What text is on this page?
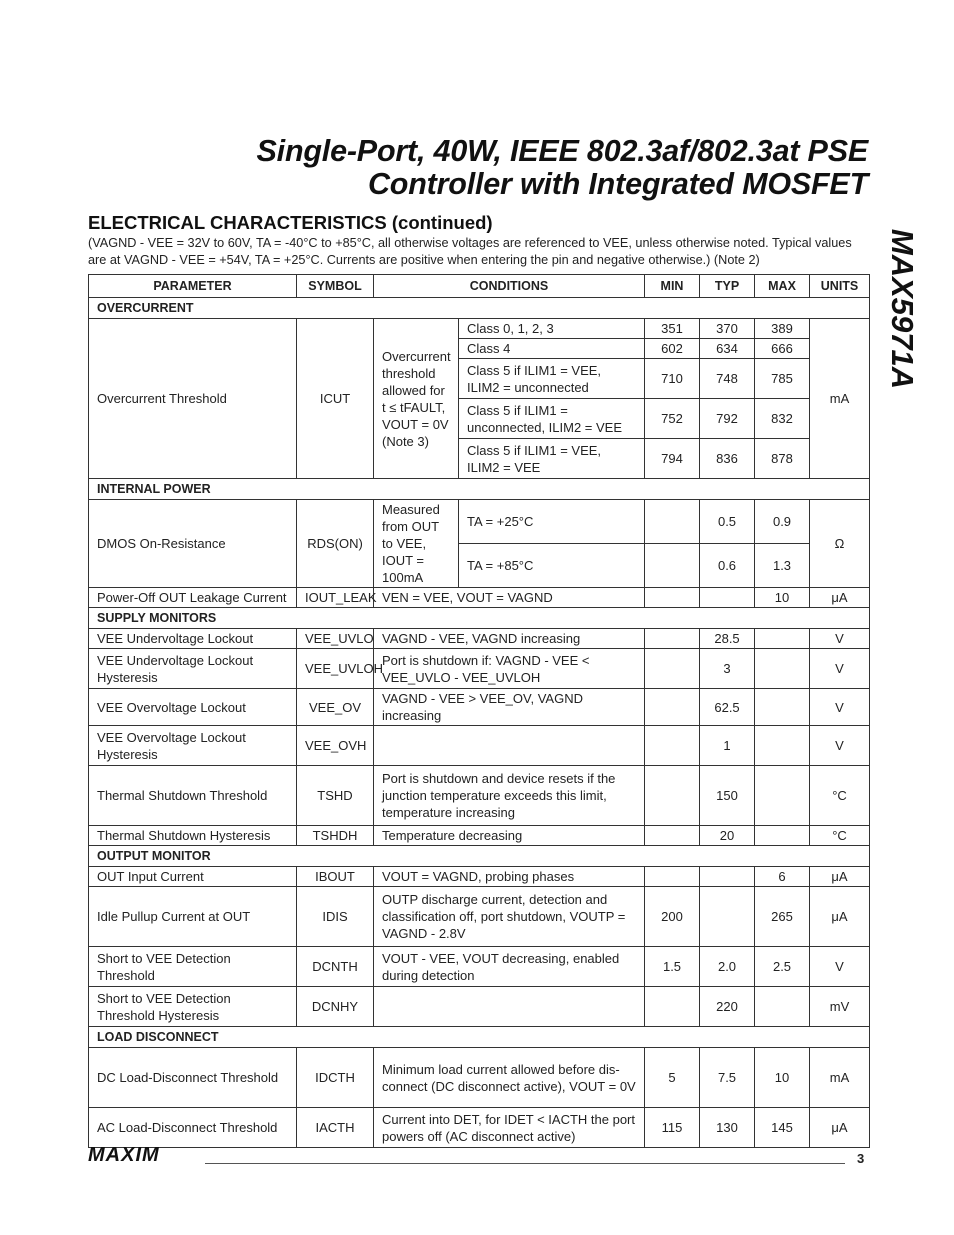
Single-Port, 40W, IEEE 802.3af/802.3at PSE
Controller with Integrated MOSFET
MAX5971A
ELECTRICAL CHARACTERISTICS (continued)
(VAGND - VEE = 32V to 60V, TA = -40°C to +85°C, all otherwise voltages are referenced to VEE, unless otherwise noted. Typical values are at VAGND - VEE = +54V, TA = +25°C. Currents are positive when entering the pin and negative otherwise.) (Note 2)
PARAMETER	SYMBOL	CONDITIONS		MIN	TYP	MAX	UNITS
OVERCURRENT							
Overcurrent Threshold	ICUT	Overcurrent threshold allowed for t ≤ tFAULT, VOUT = 0V (Note 3)	Class 0, 1, 2, 3	351	370	389	mA
			Class 4	602	634	666	
			Class 5 if ILIM1 = VEE, ILIM2 = unconnected	710	748	785	
			Class 5 if ILIM1 = unconnected, ILIM2 = VEE	752	792	832	
			Class 5 if ILIM1 = VEE, ILIM2 = VEE	794	836	878	
INTERNAL POWER							
DMOS On-Resistance	RDS(ON)	Measured from OUT to VEE, IOUT = 100mA	TA = +25°C		0.5	0.9	Ω
			TA = +85°C		0.6	1.3	
Power-Off OUT Leakage Current	IOUT_LEAK	VEN = VEE, VOUT = VAGND				10	μA
SUPPLY MONITORS							
VEE Undervoltage Lockout	VEE_UVLO	VAGND - VEE, VAGND increasing			28.5		V
VEE Undervoltage Lockout Hysteresis	VEE_UVLOH	Port is shutdown if: VAGND - VEE < VEE_UVLO - VEE_UVLOH			3		V
VEE Overvoltage Lockout	VEE_OV	VAGND - VEE > VEE_OV, VAGND increasing			62.5		V
VEE Overvoltage Lockout Hysteresis	VEE_OVH				1		V
Thermal Shutdown Threshold	TSHD	Port is shutdown and device resets if the junction temperature exceeds this limit, temperature increasing			150		°C
Thermal Shutdown Hysteresis	TSHDH	Temperature decreasing			20		°C
OUTPUT MONITOR							
OUT Input Current	IBOUT	VOUT = VAGND, probing phases				6	μA
Idle Pullup Current at OUT	IDIS	OUTP discharge current, detection and classification off, port shutdown, VOUTP = VAGND - 2.8V		200		265	μA
Short to VEE Detection Threshold	DCNTH	VOUT - VEE, VOUT decreasing, enabled during detection		1.5	2.0	2.5	V
Short to VEE Detection Threshold Hysteresis	DCNHY				220		mV
LOAD DISCONNECT							
DC Load-Disconnect Threshold	IDCTH	Minimum load current allowed before dis-connect (DC disconnect active), VOUT = 0V		5	7.5	10	mA
AC Load-Disconnect Threshold	IACTH	Current into DET, for IDET < IACTH the port powers off (AC disconnect active)		115	130	145	μA
MAXIM	3
